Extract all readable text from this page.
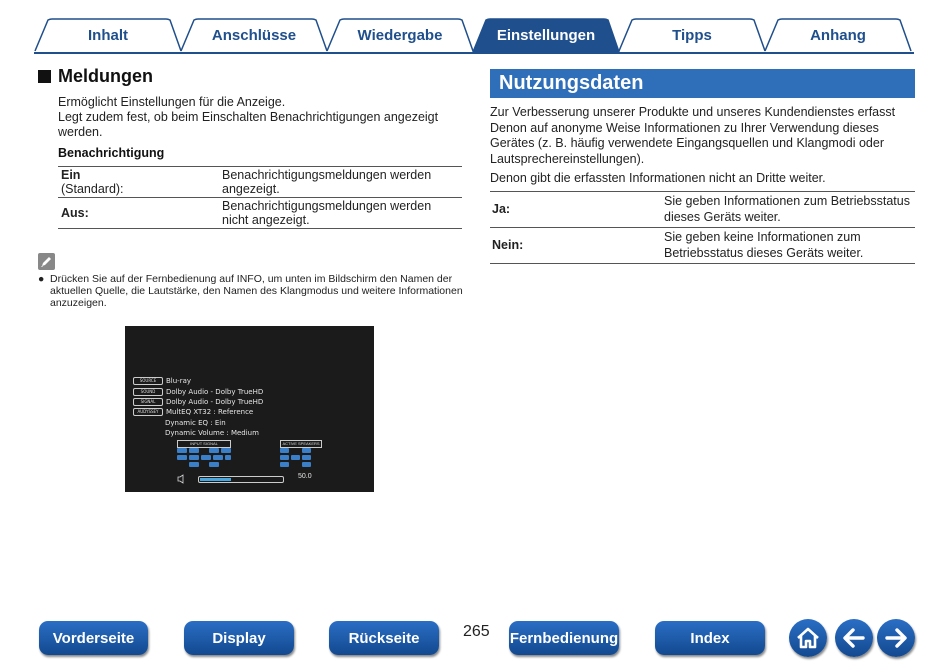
Inhalt	Anschlüsse	Wiedergabe	Einstellungen	Tipps	Anhang
Meldungen
Ermöglicht Einstellungen für die Anzeige.
Legt zudem fest, ob beim Einschalten Benachrichtigungen angezeigt werden.
Benachrichtigung
Ein
(Standard):	Benachrichtigungsmeldungen werden angezeigt.
Aus:	Benachrichtigungsmeldungen werden nicht angezeigt.
● Drücken Sie auf der Fernbedienung auf INFO, um unten im Bildschirm den Namen der aktuellen Quelle, die Lautstärke, den Namen des Klangmodus und weitere Informationen anzuzeigen.
SOURCE	Blu-ray
SOUND	Dolby Audio - Dolby TrueHD
SIGNAL	Dolby Audio - Dolby TrueHD
AUDYSSEY	MultEQ XT32 : Reference
Dynamic EQ : Ein
Dynamic Volume : Medium
INPUT SIGNAL	ACTIVE SPEAKERS
50.0
Nutzungsdaten
Zur Verbesserung unserer Produkte und unseres Kundendienstes erfasst Denon auf anonyme Weise Informationen zu Ihrer Verwendung dieses Gerätes (z. B. häufig verwendete Eingangsquellen und Klangmodi oder Lautsprechereinstellungen).
Denon gibt die erfassten Informationen nicht an Dritte weiter.
Ja:	Sie geben Informationen zum Betriebsstatus dieses Geräts weiter.
Nein:	Sie geben keine Informationen zum Betriebsstatus dieses Geräts weiter.
Vorderseite	Display	Rückseite	265 Fernbedienung	Index
